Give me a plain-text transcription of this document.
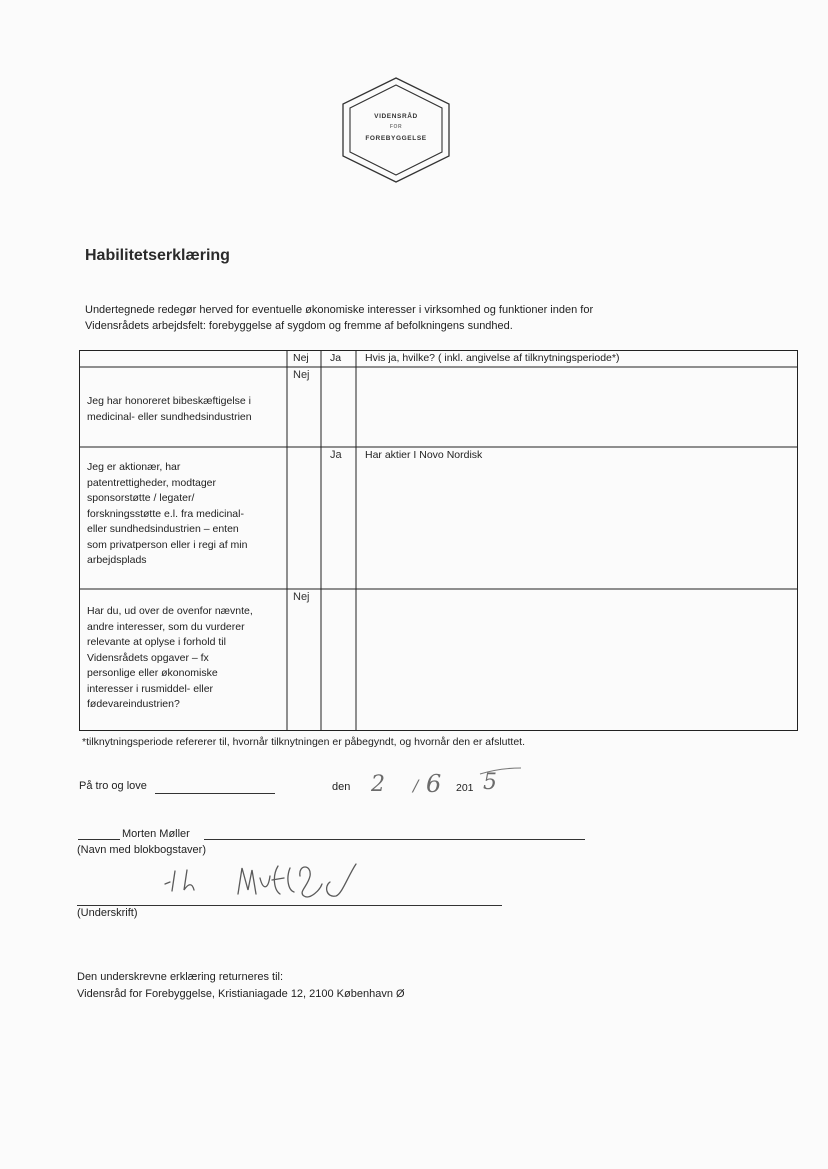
VIDENSRÅD
FOR
FOREBYGGELSE
Habilitetserklæring
Undertegnede redegør herved for eventuelle økonomiske interesser i virksomhed og funktioner inden for
Vidensrådets arbejdsfelt: forebyggelse af sygdom og fremme af befolkningens sundhed.
Nej Ja Hvis ja, hvilke? ( inkl. angivelse af tilknytningsperiode*)
Jeg har honoreret bibeskæftigelse i
medicinal- eller sundhedsindustrien
Nej
Jeg er aktionær, har
patentrettigheder, modtager
sponsorstøtte / legater/
forskningsstøtte e.l. fra medicinal-
eller sundhedsindustrien – enten
som privatperson eller i regi af min
arbejdsplads
Ja Har aktier I Novo Nordisk
Har du, ud over de ovenfor nævnte,
andre interesser, som du vurderer
relevante at oplyse i forhold til
Vidensrådets opgaver – fx
personlige eller økonomiske
interesser i rusmiddel- eller
fødevareindustrien?
Nej
*tilknytningsperiode refererer til, hvornår tilknytningen er påbegyndt, og hvornår den er afsluttet.
På tro og love	den 2 / 6 201 5
Morten Møller
(Navn med blokbogstaver)
(Underskrift)
Den underskrevne erklæring returneres til:
Vidensråd for Forebyggelse, Kristianiagade 12, 2100 København Ø
